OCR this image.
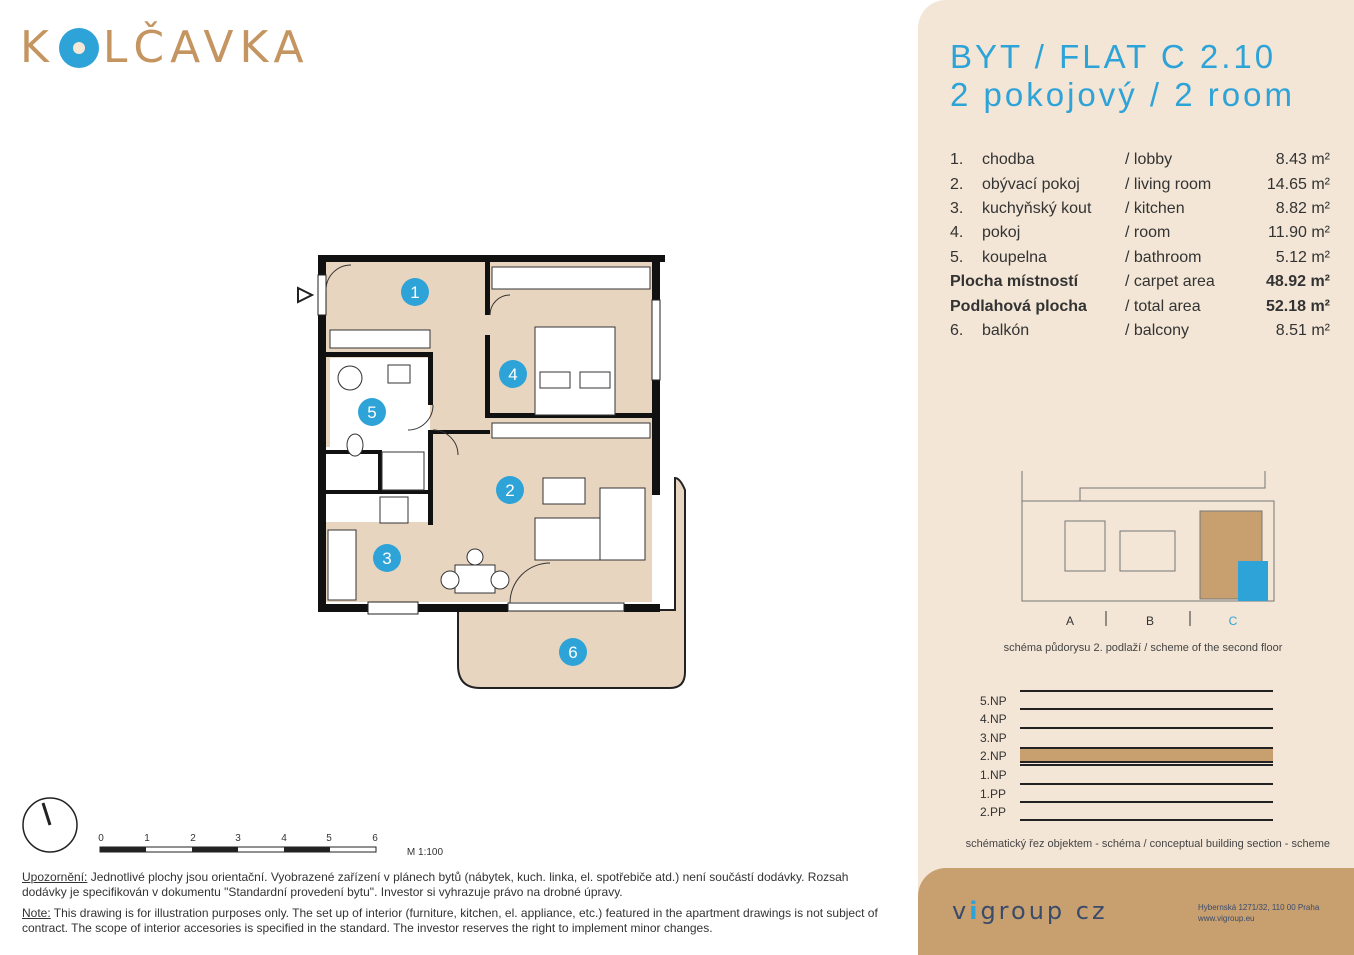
K LČAVKA
1
2
3
4
5
6
0	1	2	3	4	5	6
M 1:100

Upozornění: Jednotlivé plochy jsou orientační. Vyobrazené zařízení v plánech bytů (nábytek, kuch. linka, el. spotřebiče atd.) není součástí dodávky. Rozsah dodávky je specifikován v dokumentu "Standardní provedení bytu". Investor si vyhrazuje právo na drobné úpravy.

Note: This drawing is for illustration purposes only. The set up of interior (furniture, kitchen, el. appliance, etc.) featured in the apartment drawings is not subject of contract. The scope of interior accesories is specified in the standard. The investor reserves the right to implement minor changes.

BYT / FLAT C 2.10
2 pokojový / 2 room
1.	chodba	/ lobby	8.43 m²
2.	obývací pokoj	/ living room	14.65 m²
3.	kuchyňský kout	/ kitchen	8.82 m²
4.	pokoj	/ room	11.90 m²
5.	koupelna	/ bathroom	5.12 m²
Plocha místností	/ carpet area	48.92 m²
Podlahová plocha	/ total area	52.18 m²
6.	balkón	/ balcony	8.51 m²
A	B	C
schéma půdorysu 2. podlaží / scheme of the second floor
5.NP
4.NP
3.NP
2.NP
1.NP
1.PP
2.PP
schématický řez objektem - schéma / conceptual building section - scheme
vigroup cz	Hybernská 1271/32, 110 00 Praha
www.vigroup.eu
